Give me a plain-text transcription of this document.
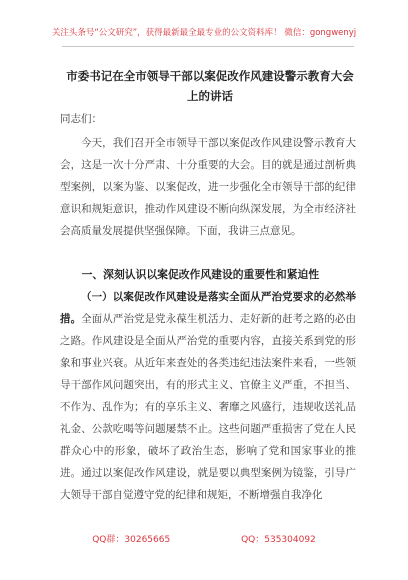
关注头条号“公文研究”，获得最新最全最专业的公文资料库！ 微信：gongwenyj
市委书记在全市领导干部以案促改作风建设警示教育大会
上的讲话
同志们：
今天，我们召开全市领导干部以案促改作风建设警示教育大会，这是一次十分严肃、十分重要的大会。目的就是通过剖析典型案例，以案为鉴、以案促改，进一步强化全市领导干部的纪律意识和规矩意识，推动作风建设不断向纵深发展，为全市经济社会高质量发展提供坚强保障。下面，我讲三点意见。
一、深刻认识以案促改作风建设的重要性和紧迫性
（一）以案促改作风建设是落实全面从严治党要求的必然举措。全面从严治党是党永葆生机活力、走好新的赶考之路的必由之路。作风建设是全面从严治党的重要内容，直接关系到党的形象和事业兴衰。从近年来查处的各类违纪违法案件来看，一些领导干部作风问题突出，有的形式主义、官僚主义严重，不担当、不作为、乱作为；有的享乐主义、奢靡之风盛行，违规收送礼品礼金、公款吃喝等问题屡禁不止。这些问题严重损害了党在人民群众心中的形象，破坏了政治生态，影响了党和国家事业的推进。通过以案促改作风建设，就是要以典型案例为镜鉴，引导广大领导干部自觉遵守党的纪律和规矩，不断增强自我净化
QQ群：30265665	QQ：535304092
